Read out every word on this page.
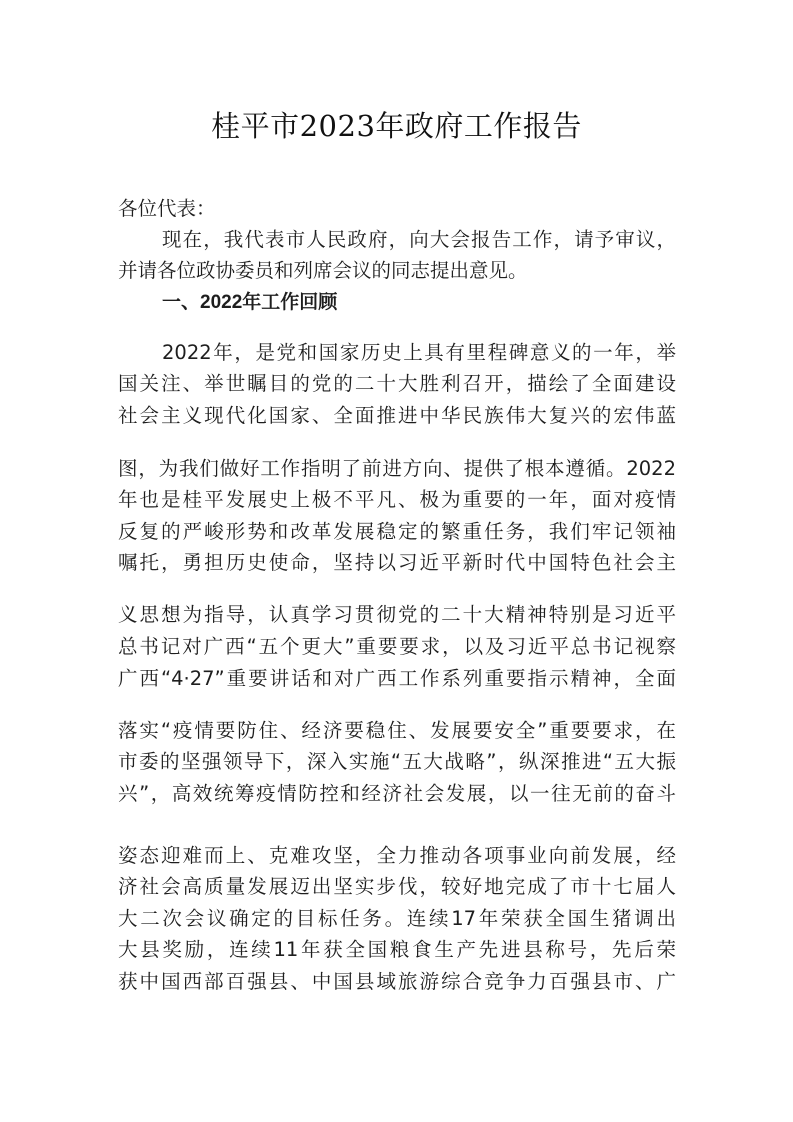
桂平市2023年政府工作报告
各位代表：
现在，我代表市人民政府，向大会报告工作，请予审议，
并请各位政协委员和列席会议的同志提出意见。
一、2022年工作回顾
2022年，是党和国家历史上具有里程碑意义的一年，举
国关注、举世瞩目的党的二十大胜利召开，描绘了全面建设
社会主义现代化国家、全面推进中华民族伟大复兴的宏伟蓝
图，为我们做好工作指明了前进方向、提供了根本遵循。2022
年也是桂平发展史上极不平凡、极为重要的一年，面对疫情
反复的严峻形势和改革发展稳定的繁重任务，我们牢记领袖
嘱托，勇担历史使命，坚持以习近平新时代中国特色社会主
义思想为指导，认真学习贯彻党的二十大精神特别是习近平
总书记对广西“五个更大”重要要求，以及习近平总书记视察
广西“4·27”重要讲话和对广西工作系列重要指示精神，全面
落实“疫情要防住、经济要稳住、发展要安全”重要要求，在
市委的坚强领导下，深入实施“五大战略”，纵深推进“五大振
兴”，高效统筹疫情防控和经济社会发展，以一往无前的奋斗
姿态迎难而上、克难攻坚，全力推动各项事业向前发展，经
济社会高质量发展迈出坚实步伐，较好地完成了市十七届人
大二次会议确定的目标任务。连续17年荣获全国生猪调出
大县奖励，连续11年获全国粮食生产先进县称号，先后荣
获中国西部百强县、中国县域旅游综合竞争力百强县市、广
